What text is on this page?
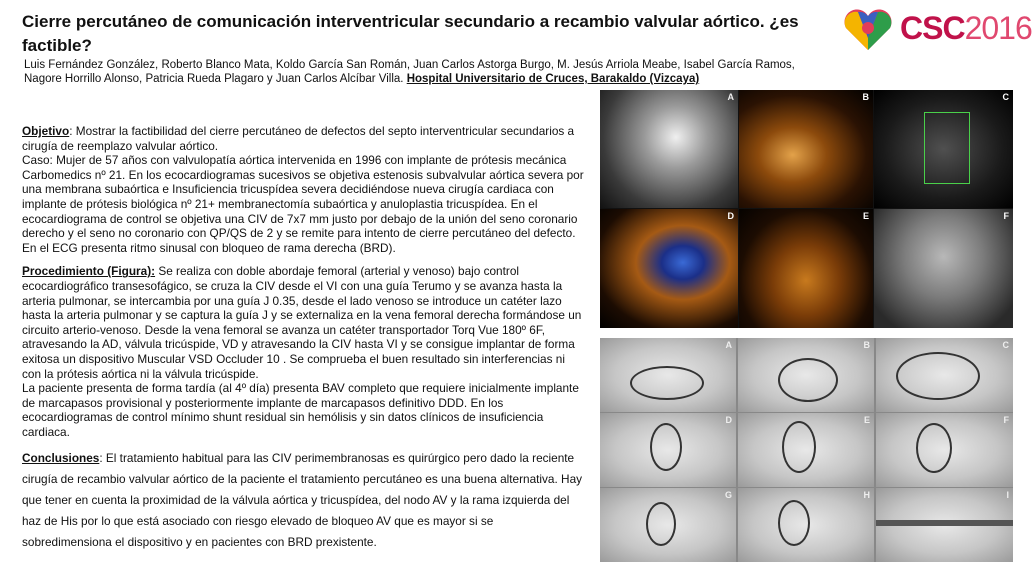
Cierre percutáneo de comunicación interventricular secundario a recambio valvular aórtico. ¿es factible?
Luis Fernández González, Roberto Blanco Mata, Koldo García San Román, Juan Carlos Astorga Burgo, M. Jesús Arriola Meabe, Isabel García Ramos, Nagore Horrillo Alonso, Patricia Rueda Plagaro y Juan Carlos Alcíbar Villa. Hospital Universitario de Cruces, Barakaldo (Vizcaya)
CSC2016

Objetivo: Mostrar la factibilidad del cierre percutáneo de defectos del septo interventricular secundarios a cirugía de reemplazo valvular aórtico.
Caso: Mujer de 57 años con valvulopatía aórtica intervenida en 1996 con implante de prótesis mecánica Carbomedics nº 21. En los ecocardiogramas sucesivos se objetiva estenosis subvalvular aórtica severa por una membrana subaórtica e Insuficiencia tricuspídea severa decidiéndose nueva cirugía cardiaca con implante de prótesis biológica nº 21+ membranectomía subaórtica y anuloplastia tricuspídea. En el ecocardiograma de control se objetiva una CIV de 7x7 mm justo por debajo de la unión del seno coronario derecho y el seno no coronario con QP/QS de 2 y se remite para intento de cierre percutáneo del defecto. En el ECG presenta ritmo sinusal con bloqueo de rama derecha (BRD).

Procedimiento (Figura): Se realiza con doble abordaje femoral (arterial y venoso) bajo control ecocardiográfico transesofágico, se cruza la CIV desde el VI con una guía Terumo y se avanza hasta la arteria pulmonar, se intercambia por una guía J 0.35, desde el lado venoso se introduce un catéter lazo hasta la arteria pulmonar y se captura la guía J y se externaliza en la vena femoral derecha formándose un circuito arterio-venoso. Desde la vena femoral se avanza un catéter transportador Torq Vue 180º 6F, atravesando la AD, válvula tricúspide, VD y atravesando la CIV hasta VI y se consigue implantar de forma exitosa un dispositivo Muscular VSD Occluder 10 . Se comprueba el buen resultado sin interferencias ni con la prótesis aórtica ni la válvula tricúspide.
La paciente presenta de forma tardía (al 4º día) presenta BAV completo que requiere inicialmente implante de marcapasos provisional y posteriormente implante de marcapasos definitivo DDD. En los ecocardiogramas de control mínimo shunt residual sin hemólisis y sin datos clínicos de insuficiencia cardiaca.

Conclusiones: El tratamiento habitual para las CIV perimembranosas es quirúrgico pero dado la reciente cirugía de recambio valvular aórtico de la paciente el tratamiento percutáneo es una buena alternativa. Hay que tener en cuenta la proximidad de la válvula aórtica y tricuspídea, del nodo AV y la rama izquierda del haz de His por lo que está asociado con riesgo elevado de bloqueo AV que es mayor si se sobredimensiona el dispositivo y en pacientes con BRD prexistente.

A	B	C
D	E	F
A	B	C
D	E	F
G	H	I
